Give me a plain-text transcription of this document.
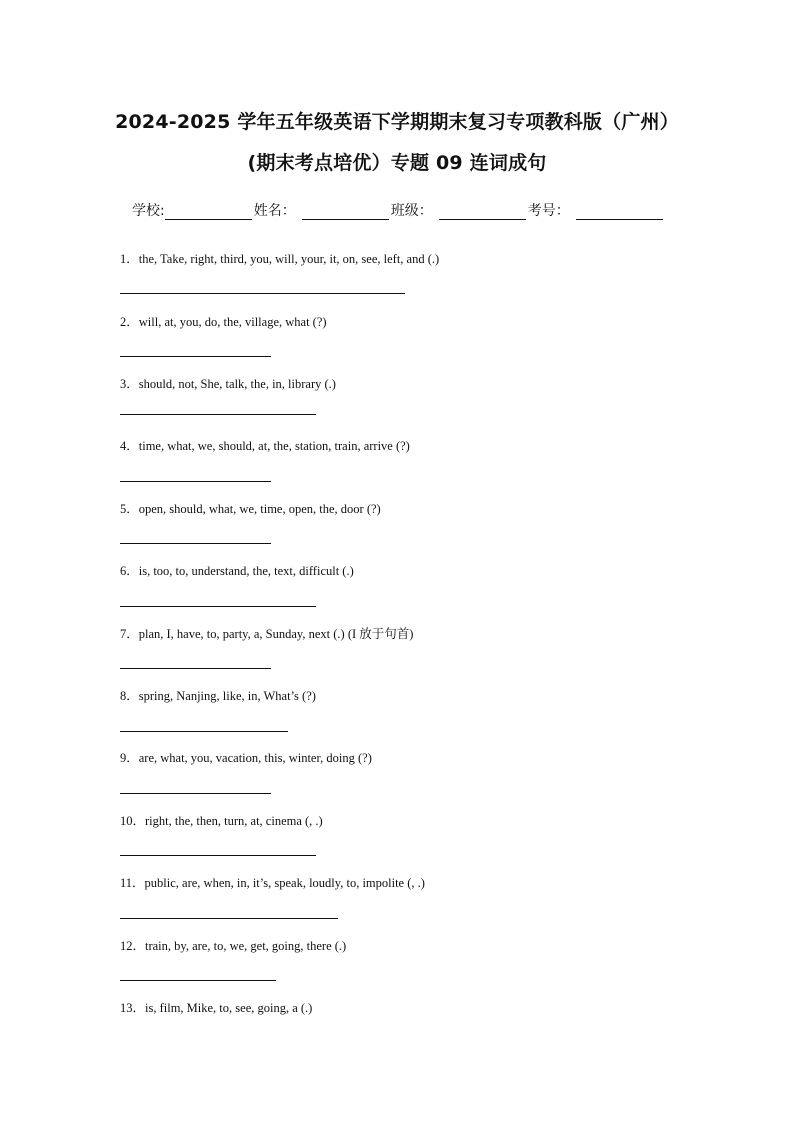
2024-2025 学年五年级英语下学期期末复习专项教科版（广州）
(期末考点培优）专题 09 连词成句
学校:	姓名：	班级：	考号：
1．the, Take, right, third, you, will, your, it, on, see, left, and (.)
2．will, at, you, do, the, village, what (?)
3．should, not, She, talk, the, in, library (.)
4．time, what, we, should, at, the, station, train, arrive (?)
5．open, should, what, we, time, open, the, door (?)
6．is, too, to, understand, the, text, difficult (.)
7．plan, I, have, to, party, a, Sunday, next (.) (I 放于句首)
8．spring, Nanjing, like, in, What’s (?)
9．are, what, you, vacation, this, winter, doing (?)
10．right, the, then, turn, at, cinema (, .)
11．public, are, when, in, it’s, speak, loudly, to, impolite (, .)
12．train, by, are, to, we, get, going, there (.)
13．is, film, Mike, to, see, going, a (.)
